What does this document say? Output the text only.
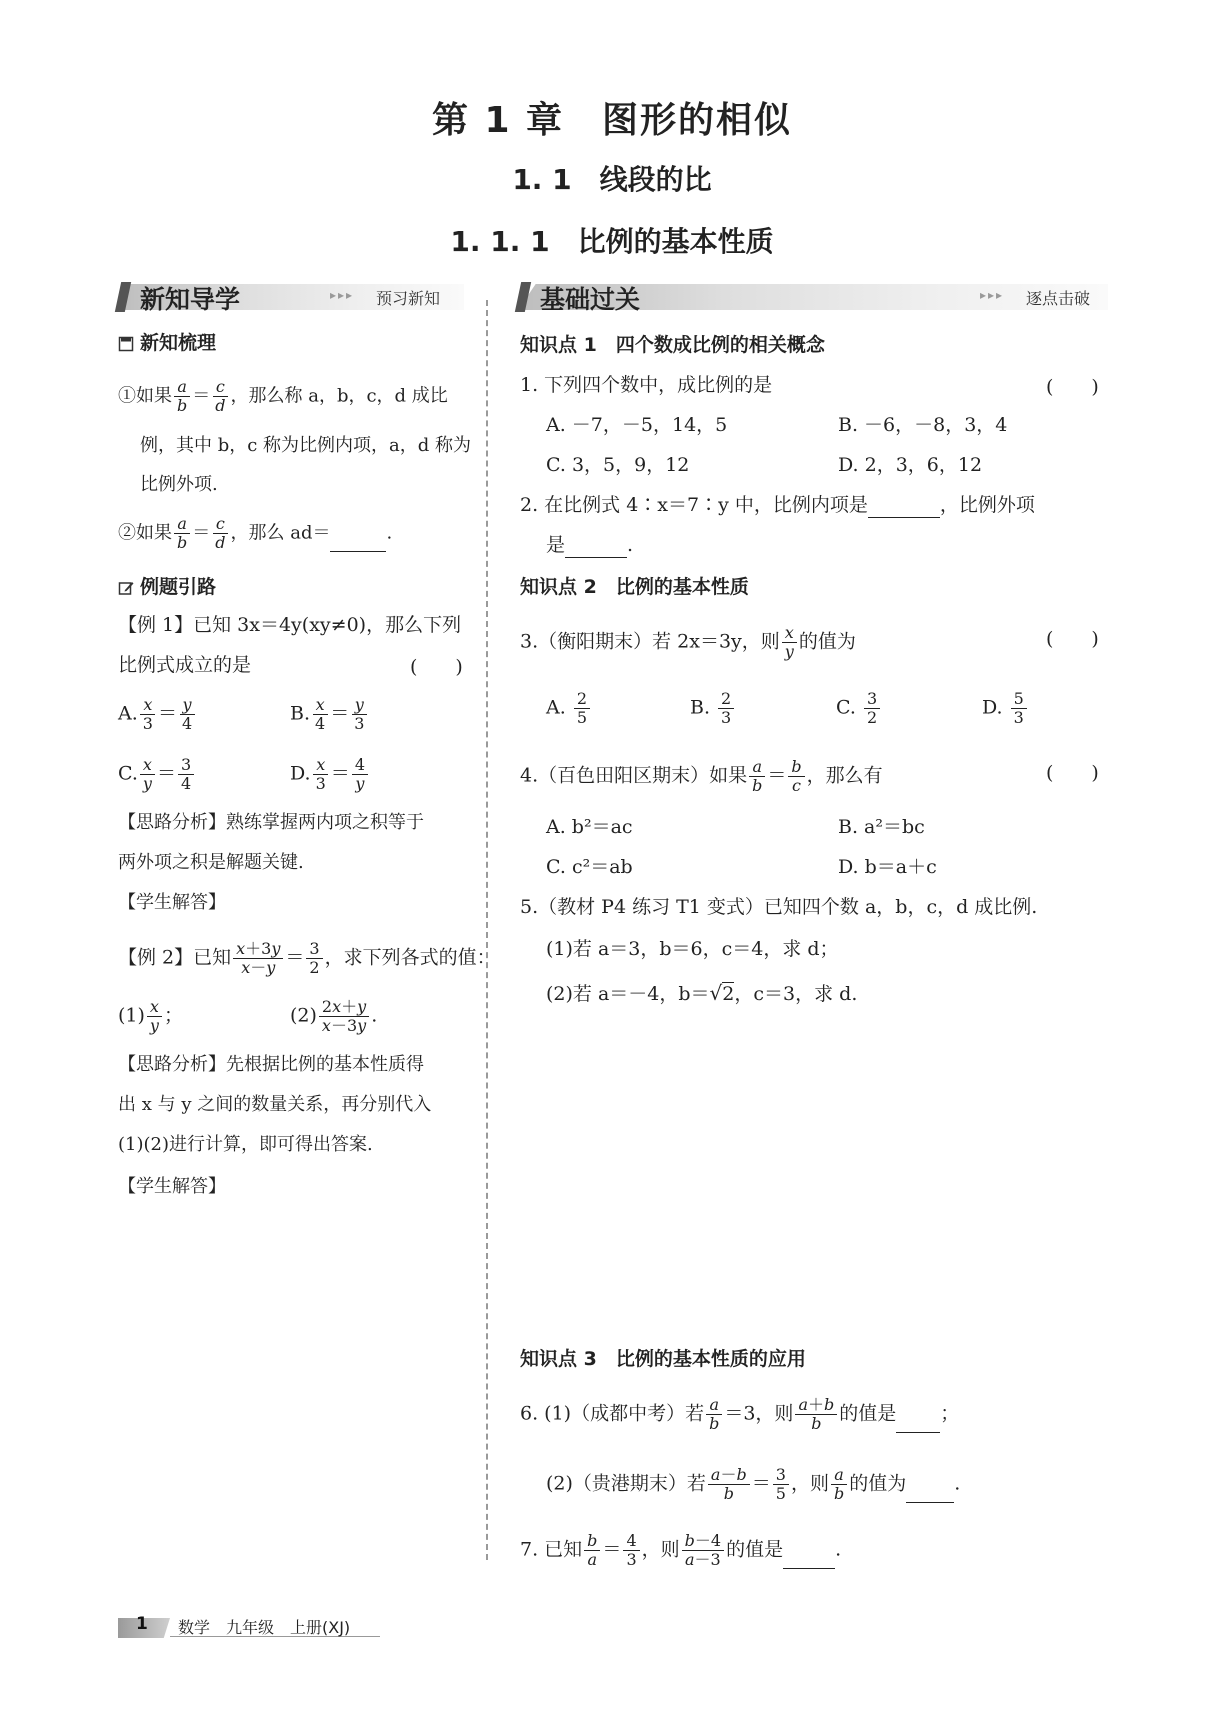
第 1 章　图形的相似
1. 1　线段的比
1. 1. 1　比例的基本性质
新知导学	▸▸▸ 预习新知	基础过关	▸▸▸ 逐点击破
新知梳理
①如果 $\frac{a}{b} = \frac{c}{d}$ ，那么称 a，b，c，d 成比
例，其中 b，c 称为比例内项，a，d 称为
比例外项.
②如果 $\frac{a}{b} = \frac{c}{d}$ ，那么 ad＝	.
例题引路
【例 1】已知 3x＝4y(xy≠0)，那么下列
比例式成立的是	(　　)
A. $\frac{x}{3} = \frac{y}{4}$	B. $\frac{x}{4} = \frac{y}{3}$
C. $\frac{x}{y} = \frac{3}{4}$	D. $\frac{x}{3} = \frac{4}{y}$
【思路分析】熟练掌握两内项之积等于
两外项之积是解题关键.
【学生解答】
【例 2】已知 $\frac{x+3y}{x-y} = \frac{3}{2}$ ，求下列各式的值：
$(1) \frac{x}{y}$ ；	$(2) \frac{2x+y}{x-3y}$ .
【思路分析】先根据比例的基本性质得
出 x 与 y 之间的数量关系，再分别代入
(1)(2)进行计算，即可得出答案.
【学生解答】
知识点 1　四个数成比例的相关概念
1. 下列四个数中，成比例的是	(　　)
A. －7，－5，14，5	B. －6，－8，3，4
C. 3，5，9，12	D. 2，3，6，12
2. 在比例式 4∶x＝7∶y 中，比例内项是	，比例外项
是	.
知识点 2　比例的基本性质
3.（衡阳期末）若 2x＝3y，则 $\frac{x}{y}$ 的值为	(　　)
A. $\frac{2}{5}$	B. $\frac{2}{3}$	C. $\frac{3}{2}$	D. $\frac{5}{3}$
4.（百色田阳区期末）如果 $\frac{a}{b} = \frac{b}{c}$ ，那么有	(　　)
A. b²＝ac	B. a²＝bc
C. c²＝ab	D. b＝a＋c
5.（教材 P4 练习 T1 变式）已知四个数 a，b，c，d 成比例.
(1)若 a＝3，b＝6，c＝4，求 d；
(2)若 a＝－4，b＝√2，c＝3，求 d.
知识点 3　比例的基本性质的应用
6. (1)（成都中考）若 $\frac{a}{b} =3$，则 $\frac{a+b}{b}$ 的值是 ；
(2)（贵港期末）若 $\frac{a-b}{b} = \frac{3}{5}$ ，则 $\frac{a}{b}$ 的值为	.
7. 已知 $\frac{b}{a} = \frac{4}{3}$ ，则 $\frac{b-4}{a-3}$ 的值是	.
1 数学　九年级　上册(XJ)
